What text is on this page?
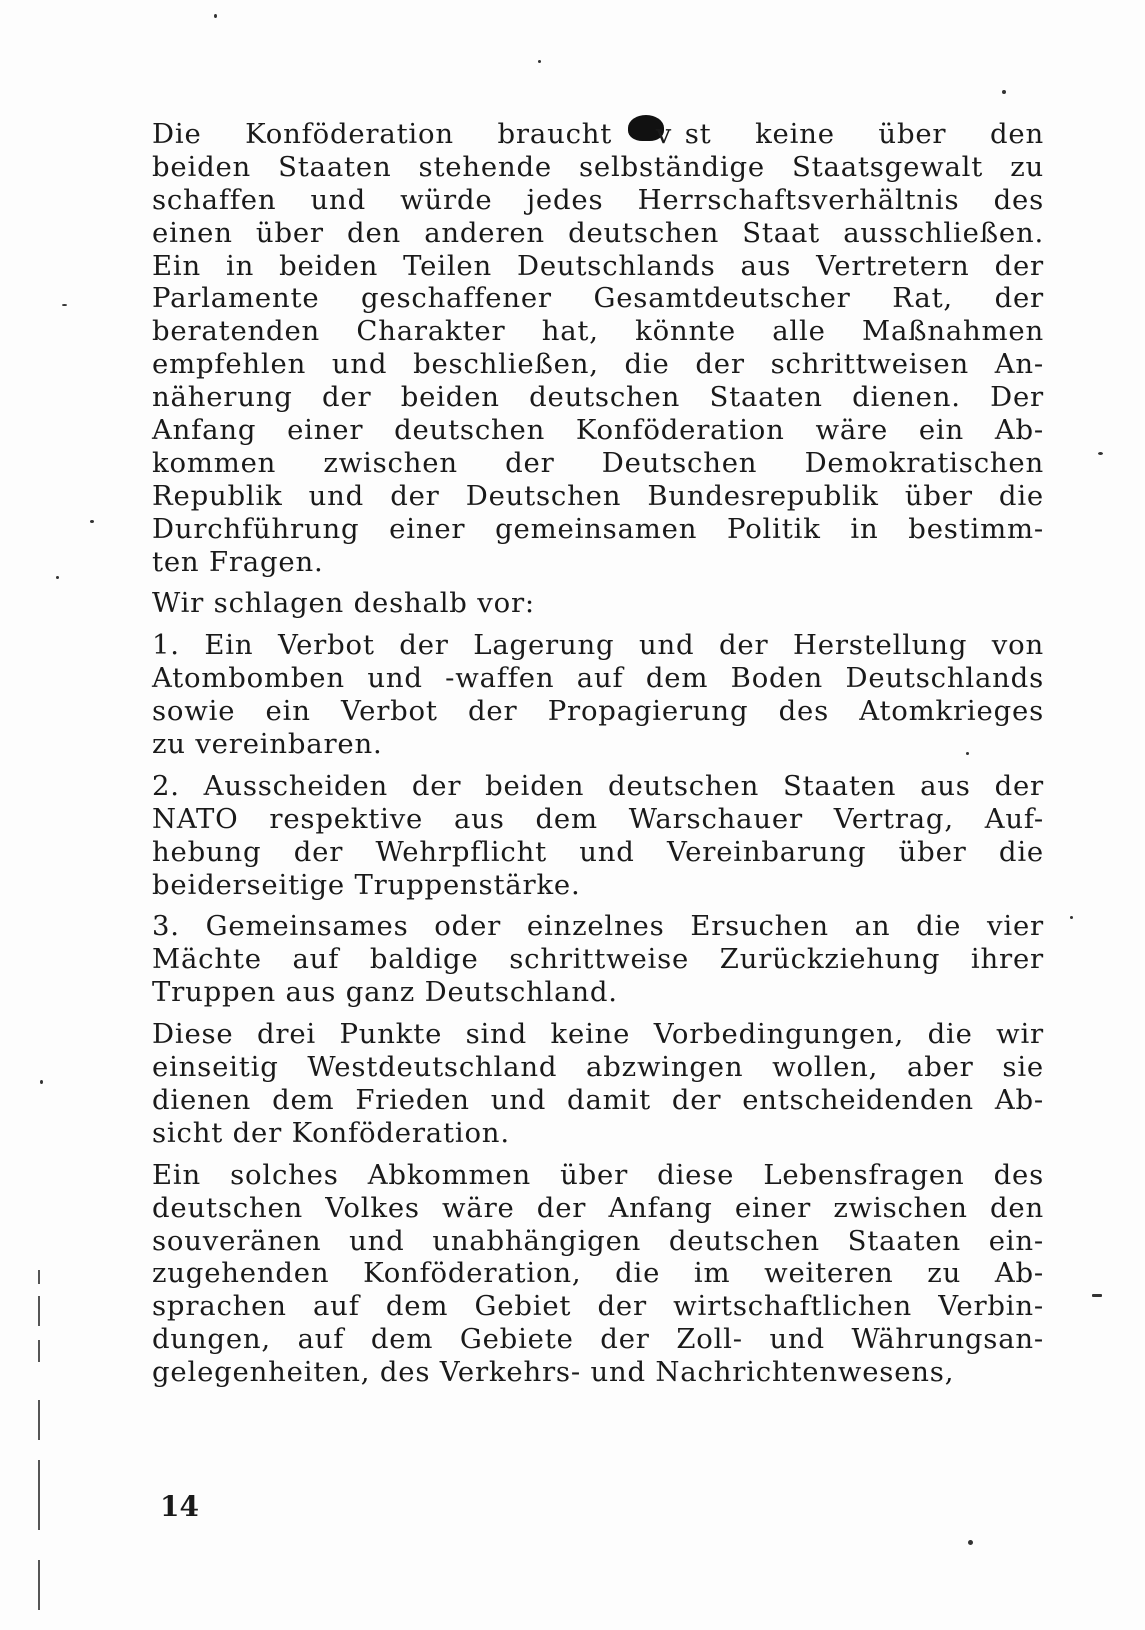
Die Konföderation braucht v  st keine über den
beiden Staaten stehende selbständige Staatsgewalt zu
schaffen und würde jedes Herrschaftsverhältnis des
einen über den anderen deutschen Staat ausschließen.
Ein in beiden Teilen Deutschlands aus Vertretern der
Parlamente geschaffener Gesamtdeutscher Rat, der
beratenden Charakter hat, könnte alle Maßnahmen
empfehlen und beschließen, die der schrittweisen An-
näherung der beiden deutschen Staaten dienen. Der
Anfang einer deutschen Konföderation wäre ein Ab-
kommen zwischen der Deutschen Demokratischen
Republik und der Deutschen Bundesrepublik über die
Durchführung einer gemeinsamen Politik in bestimm-
ten Fragen.
Wir schlagen deshalb vor:
1. Ein Verbot der Lagerung und der Herstellung von
Atombomben und -waffen auf dem Boden Deutschlands
sowie ein Verbot der Propagierung des Atomkrieges
zu vereinbaren.
2. Ausscheiden der beiden deutschen Staaten aus der
NATO respektive aus dem Warschauer Vertrag, Auf-
hebung der Wehrpflicht und Vereinbarung über die
beiderseitige Truppenstärke.
3. Gemeinsames oder einzelnes Ersuchen an die vier
Mächte auf baldige schrittweise Zurückziehung ihrer
Truppen aus ganz Deutschland.
Diese drei Punkte sind keine Vorbedingungen, die wir
einseitig Westdeutschland abzwingen wollen, aber sie
dienen dem Frieden und damit der entscheidenden Ab-
sicht der Konföderation.
Ein solches Abkommen über diese Lebensfragen des
deutschen Volkes wäre der Anfang einer zwischen den
souveränen und unabhängigen deutschen Staaten ein-
zugehenden Konföderation, die im weiteren zu Ab-
sprachen auf dem Gebiet der wirtschaftlichen Verbin-
dungen, auf dem Gebiete der Zoll- und Währungsan-
gelegenheiten, des Verkehrs- und Nachrichtenwesens,
14
